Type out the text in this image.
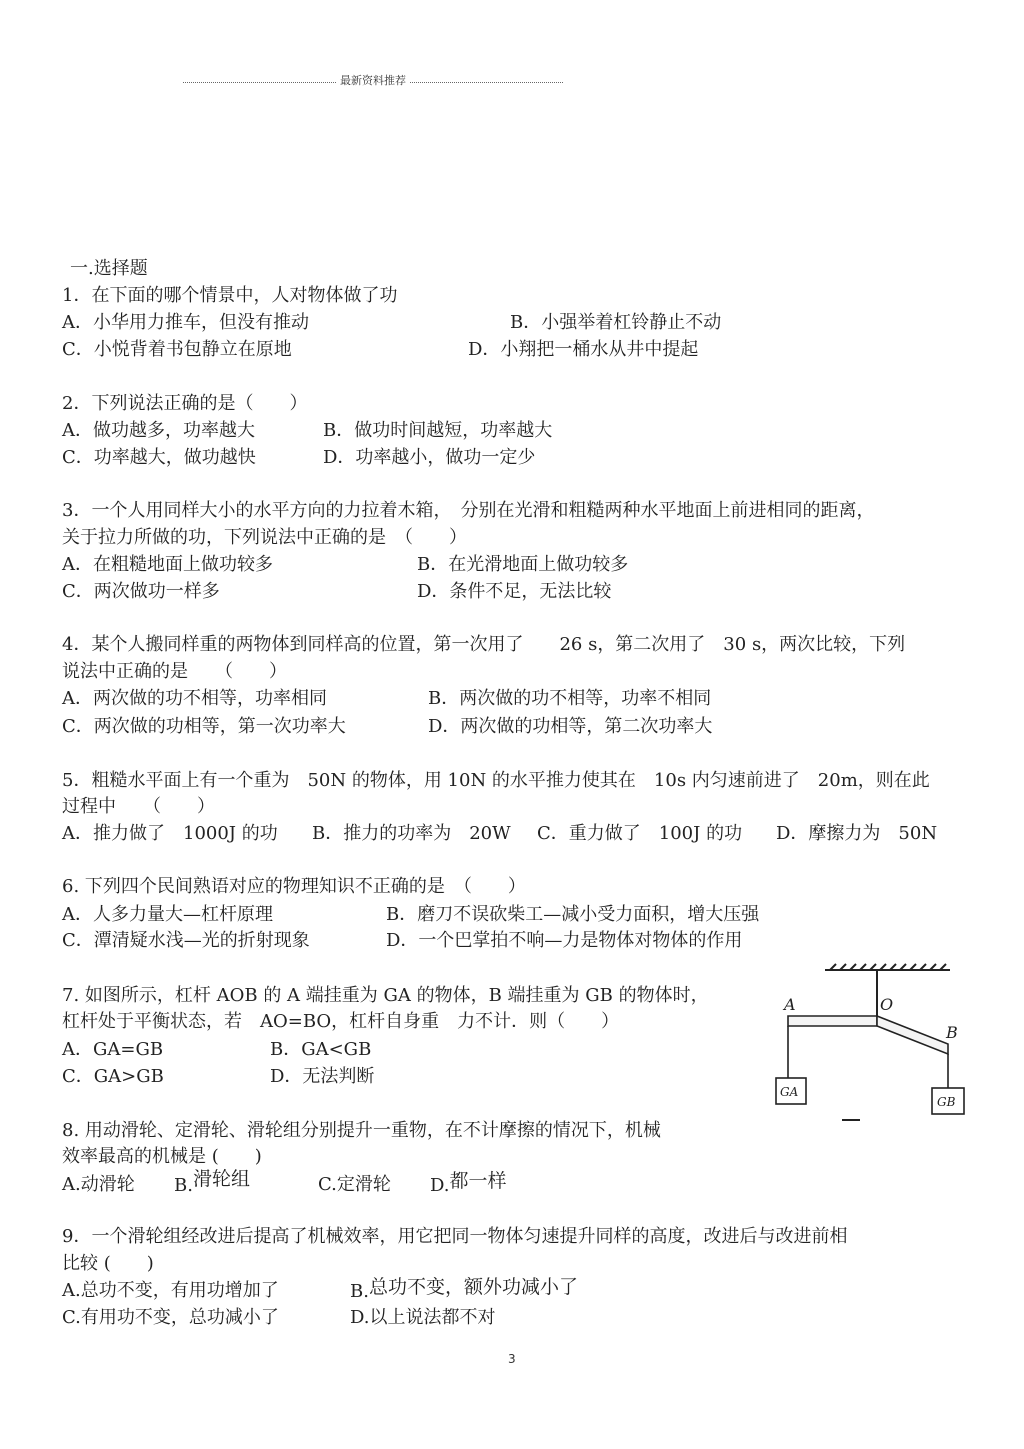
最新资料推荐
一.选择题
1．在下面的哪个情景中，人对物体做了功
A．小华用力推车，但没有推动	B．小强举着杠铃静止不动
C．小悦背着书包静立在原地	D．小翔把一桶水从井中提起
2．下列说法正确的是（　　）
A．做功越多，功率越大	B．做功时间越短，功率越大
C．功率越大，做功越快	D．功率越小，做功一定少
3．一个人用同样大小的水平方向的力拉着木箱，　分别在光滑和粗糙两种水平地面上前进相同的距离，
关于拉力所做的功，下列说法中正确的是　（　　）
A．在粗糙地面上做功较多	B．在光滑地面上做功较多
C．两次做功一样多	D．条件不足，无法比较
4．某个人搬同样重的两物体到同样高的位置，第一次用了　　26 s，第二次用了　30 s，两次比较，下列
说法中正确的是　　（　　）
A．两次做的功不相等，功率相同	B．两次做的功不相等，功率不相同
C．两次做的功相等，第一次功率大	D．两次做的功相等，第二次功率大
5．粗糙水平面上有一个重为　50N 的物体，用 10N 的水平推力使其在　10s 内匀速前进了　20m，则在此
过程中　　（　　）
A．推力做了　1000J 的功 B．推力的功率为　20W C．重力做了　100J 的功 D．摩擦力为　50N
6. 下列四个民间熟语对应的物理知识不正确的是　（　　）
A．人多力量大—杠杆原理	B．磨刀不误砍柴工—减小受力面积，增大压强
C．潭清疑水浅—光的折射现象	D．一个巴掌拍不响—力是物体对物体的作用
7. 如图所示，杠杆 AOB 的 A 端挂重为 GA 的物体，B 端挂重为 GB 的物体时，
杠杆处于平衡状态，若　AO=BO，杠杆自身重　力不计．则（　　）
A．GA=GB	B．GA<GB
C．GA>GB	D．无法判断
A	O
B
GA
GB
8. 用动滑轮、定滑轮、滑轮组分别提升一重物，在不计摩擦的情况下，机械
效率最高的机械是 (　　)
A.动滑轮 B.滑轮组	C.定滑轮 D.都一样
9．一个滑轮组经改进后提高了机械效率，用它把同一物体匀速提升同样的高度，改进后与改进前相
比较 (　　)
A.总功不变，有用功增加了	B.总功不变，额外功减小了
C.有用功不变，总功减小了	D.以上说法都不对
3
